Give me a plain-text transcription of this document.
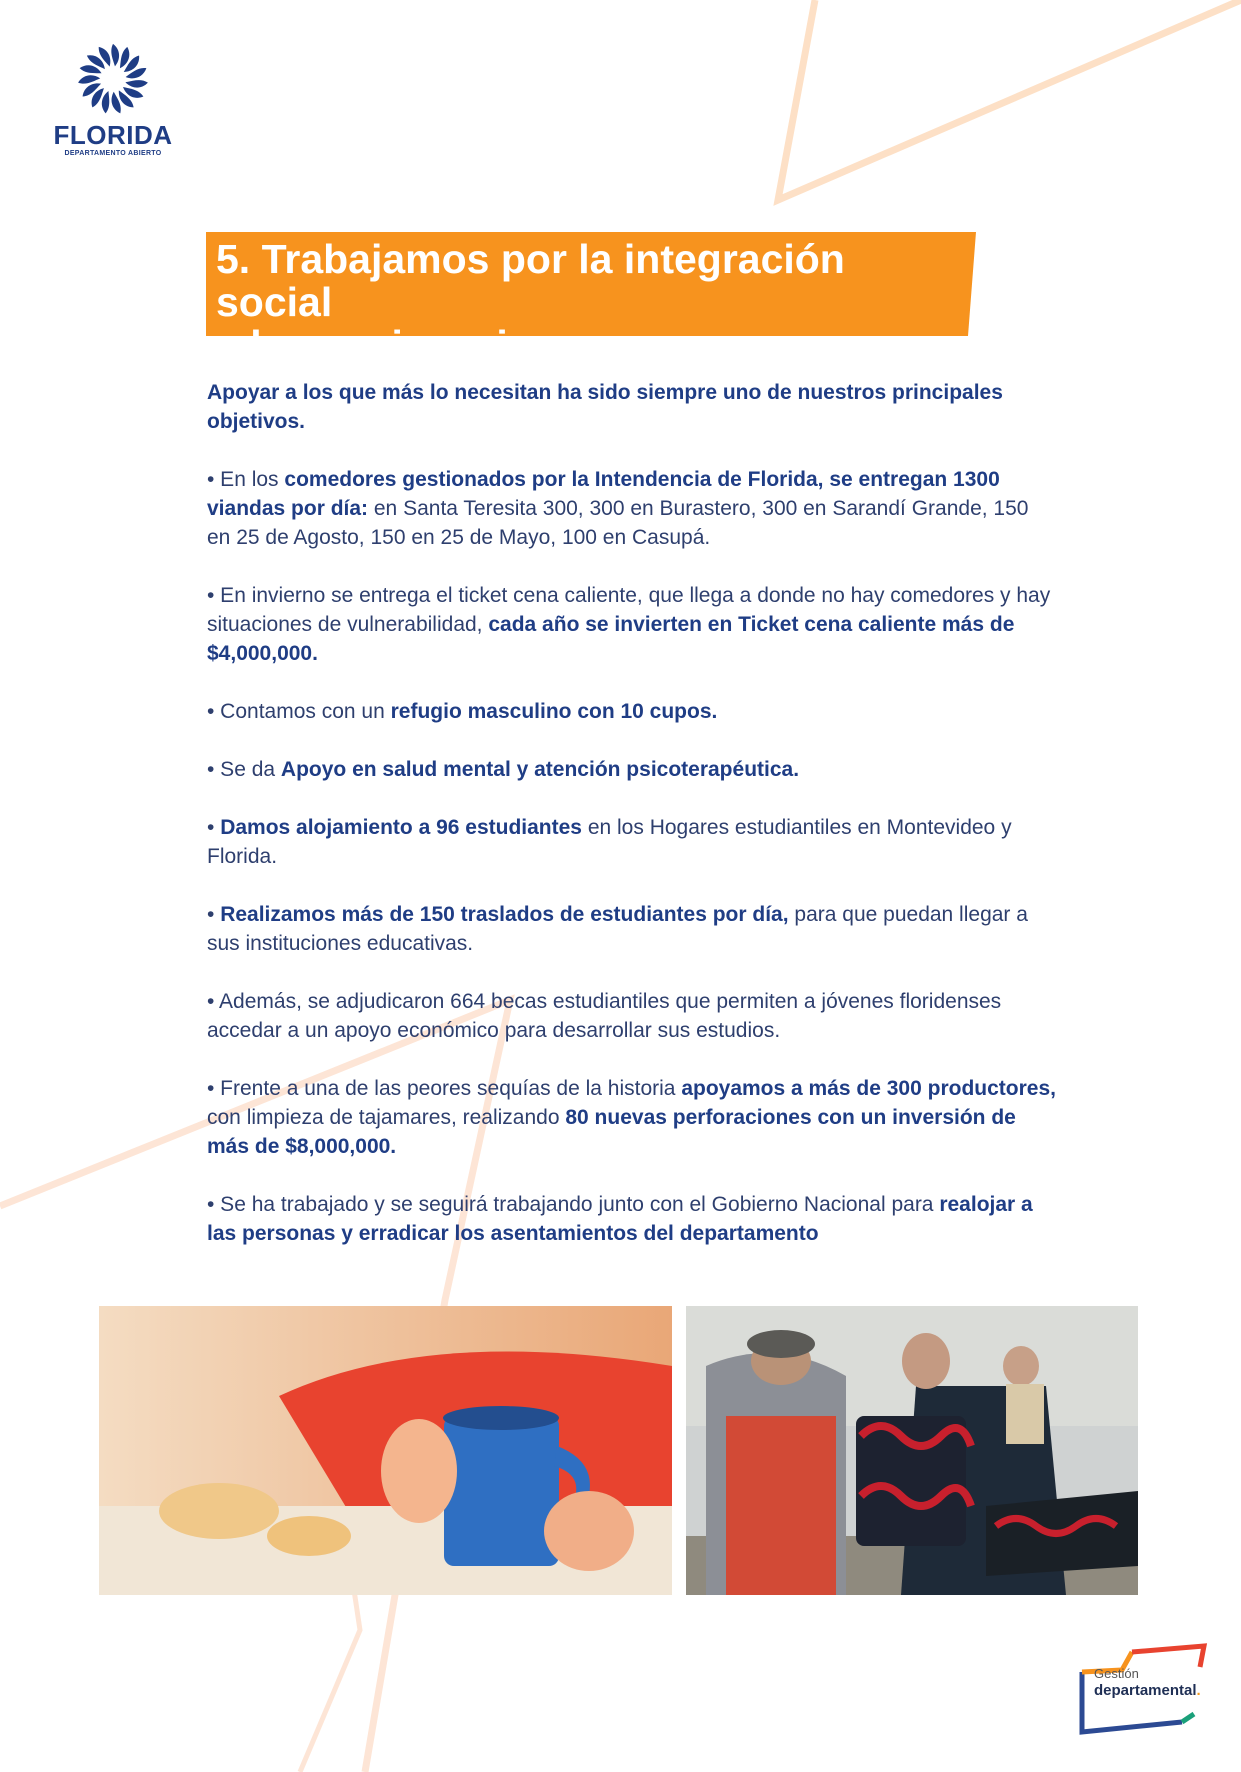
FLORIDA
DEPARTAMENTO ABIERTO
5. Trabajamos por la integración social
y la convivencia

Apoyar a los que más lo necesitan ha sido siempre uno de nuestros principales objetivos.

• En los comedores gestionados por la Intendencia de Florida, se entregan 1300 viandas por día: en Santa Teresita 300, 300 en Burastero, 300 en Sarandí Grande, 150 en 25 de Agosto, 150 en 25 de Mayo, 100 en Casupá.

• En invierno se entrega el ticket cena caliente, que llega a donde no hay comedores y hay situaciones de vulnerabilidad, cada año se invierten en Ticket cena caliente más de $4,000,000.

• Contamos con un refugio masculino con 10 cupos.

• Se da Apoyo en salud mental y atención psicoterapéutica.

• Damos alojamiento a 96 estudiantes en los Hogares estudiantiles en Montevideo y Florida.

• Realizamos más de 150 traslados de estudiantes por día, para que puedan llegar a sus instituciones educativas.

• Además, se adjudicaron 664 becas estudiantiles que permiten a jóvenes floridenses accedar a un apoyo económico para desarrollar sus estudios.

• Frente a una de las peores sequías de la historia apoyamos a más de 300 productores, con limpieza de tajamares, realizando 80 nuevas perforaciones con un inversión de más de $8,000,000.

• Se ha trabajado y se seguirá trabajando junto con el Gobierno Nacional para realojar a las personas y erradicar los asentamientos del departamento

Gestión
departamental.
